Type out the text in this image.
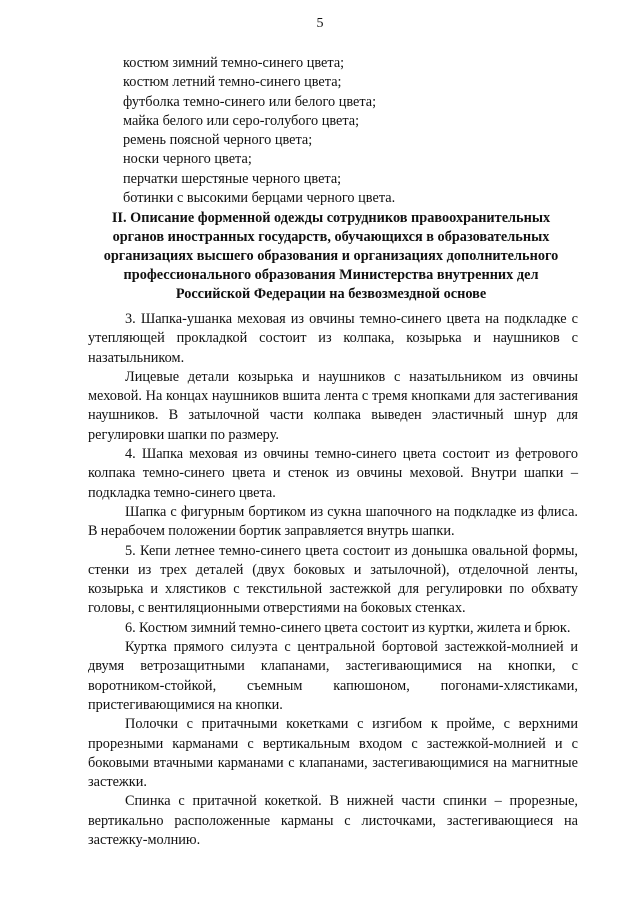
5
костюм зимний темно-синего цвета;
костюм летний темно-синего цвета;
футболка темно-синего или белого цвета;
майка белого или серо-голубого цвета;
ремень поясной черного цвета;
носки черного цвета;
перчатки шерстяные черного цвета;
ботинки с высокими берцами черного цвета.
II. Описание форменной одежды сотрудников правоохранительных органов иностранных государств, обучающихся в образовательных организациях высшего образования и организациях дополнительного профессионального образования Министерства внутренних дел Российской Федерации на безвозмездной основе

3. Шапка-ушанка меховая из овчины темно-синего цвета на подкладке с утепляющей прокладкой состоит из колпака, козырька и наушников с назатыльником.

Лицевые детали козырька и наушников с назатыльником из овчины меховой. На концах наушников вшита лента с тремя кнопками для застегивания наушников. В затылочной части колпака выведен эластичный шнур для регулировки шапки по размеру.

4. Шапка меховая из овчины темно-синего цвета состоит из фетрового колпака темно-синего цвета и стенок из овчины меховой. Внутри шапки – подкладка темно-синего цвета.

Шапка с фигурным бортиком из сукна шапочного на подкладке из флиса. В нерабочем положении бортик заправляется внутрь шапки.

5. Кепи летнее темно-синего цвета состоит из донышка овальной формы, стенки из трех деталей (двух боковых и затылочной), отделочной ленты, козырька и хлястиков с текстильной застежкой для регулировки по обхвату головы, с вентиляционными отверстиями на боковых стенках.

6. Костюм зимний темно-синего цвета состоит из куртки, жилета и брюк.

Куртка прямого силуэта с центральной бортовой застежкой-молнией и двумя ветрозащитными клапанами, застегивающимися на кнопки, с воротником-стойкой, съемным капюшоном, погонами-хлястиками, пристегивающимися на кнопки.

Полочки с притачными кокетками с изгибом к пройме, с верхними прорезными карманами с вертикальным входом с застежкой-молнией и с боковыми втачными карманами с клапанами, застегивающимися на магнитные застежки.

Спинка с притачной кокеткой. В нижней части спинки – прорезные, вертикально расположенные карманы с листочками, застегивающиеся на застежку-молнию.
